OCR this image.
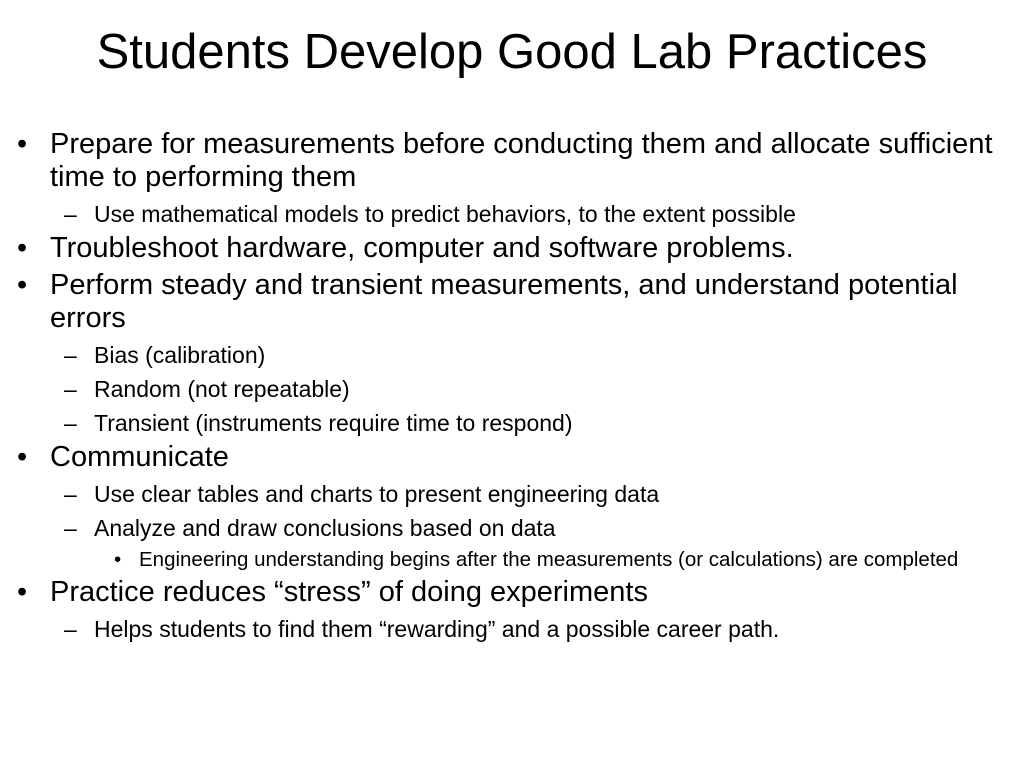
Students Develop Good Lab Practices
• Prepare for measurements before conducting them and allocate sufficient time to performing them
– Use mathematical models to predict behaviors, to the extent possible
• Troubleshoot hardware, computer and software problems.
• Perform steady and transient measurements, and understand potential errors
– Bias (calibration)
– Random (not repeatable)
– Transient (instruments require time to respond)
• Communicate
– Use clear tables and charts to present engineering data
– Analyze and draw conclusions based on data
• Engineering understanding begins after the measurements (or calculations) are completed
• Practice reduces “stress” of doing experiments
– Helps students to find them “rewarding” and a possible career path.
